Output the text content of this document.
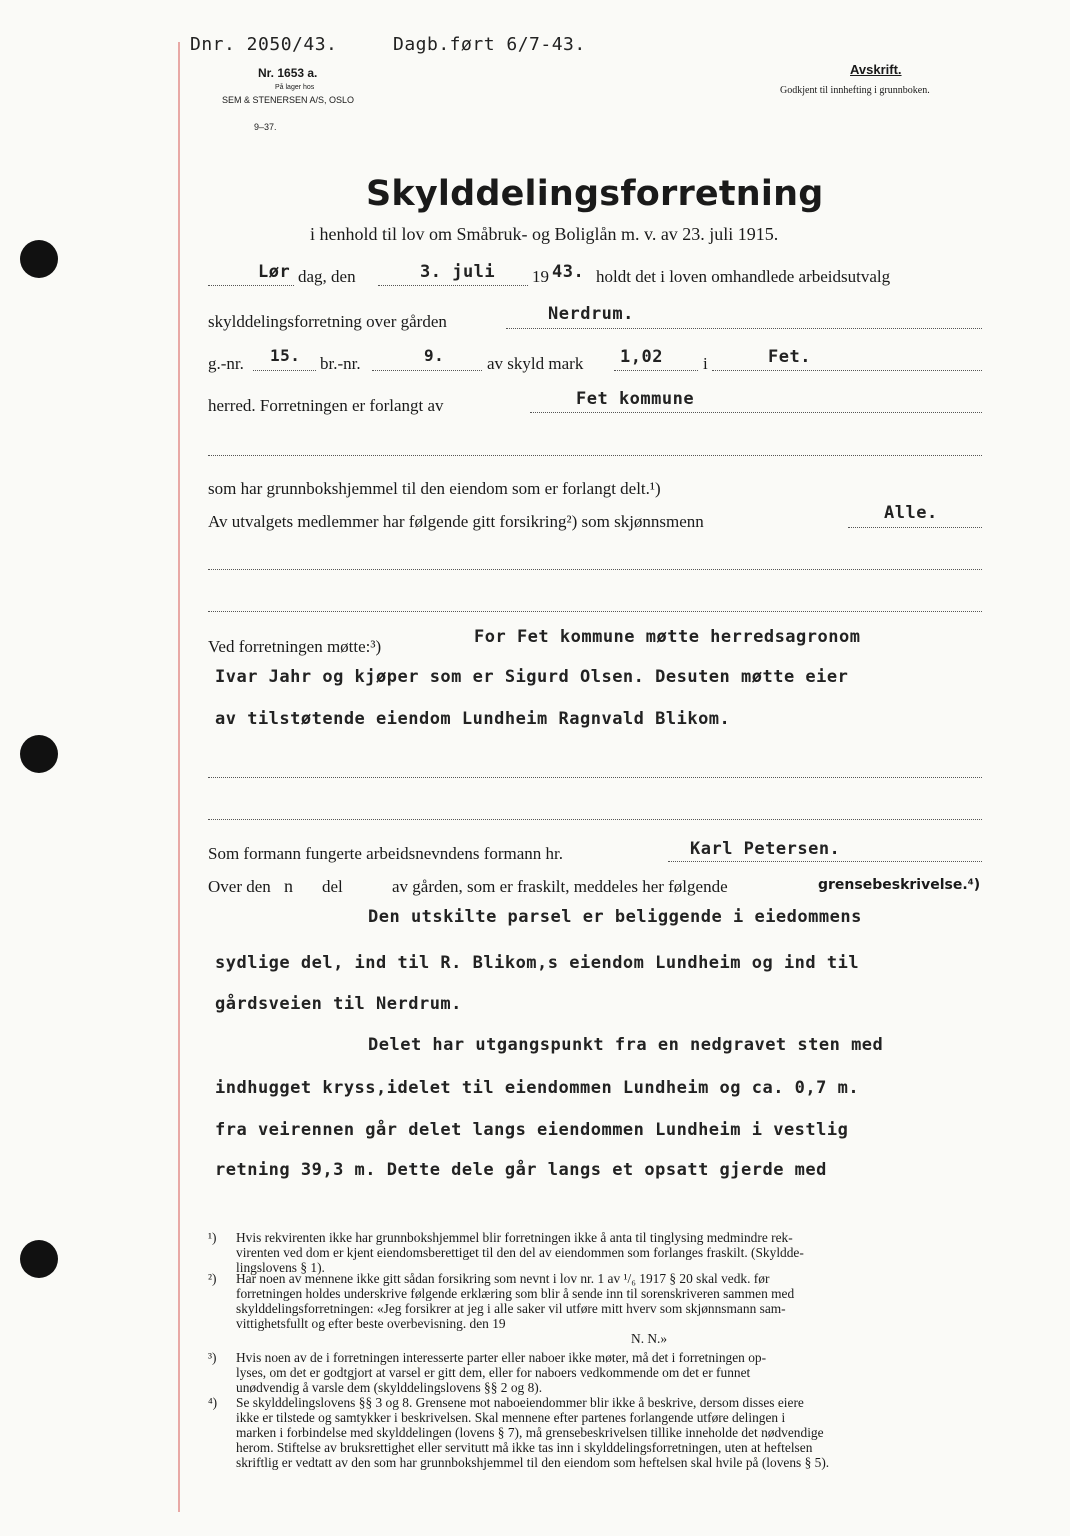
Dnr. 2050/43.	Dagb.ført 6/7-43.
Nr. 1653 a.
På lager hos
SEM & STENERSEN A/S, OSLO
9–37.
Avskrift.
Godkjent til innhefting i grunnboken.
Skylddelingsforretning
i henhold til lov om Småbruk- og Boliglån m. v. av 23. juli 1915.
Lør dag, den	3. juli 19 43. holdt det i loven omhandlede arbeidsutvalg
skylddelingsforretning over gården	Nerdrum.
g.-nr. 15. br.-nr.	9.	av skyld mark 1,02 i	Fet.
herred. Forretningen er forlangt av	Fet kommune
som har grunnbokshjemmel til den eiendom som er forlangt delt.¹)
Av utvalgets medlemmer har følgende gitt forsikring²) som skjønnsmenn	Alle.
Ved forretningen møtte:³)	For Fet kommune møtte herredsagronom
Ivar Jahr og kjøper som er Sigurd Olsen. Desuten møtte eier
av tilstøtende eiendom Lundheim Ragnvald Blikom.
Som formann fungerte arbeidsnevndens formann hr.	Karl Petersen.
Over den n del	av gården, som er fraskilt, meddeles her følgende	grensebeskrivelse.⁴)
Den utskilte parsel er beliggende i eiedommens
sydlige del, ind til R. Blikom,s eiendom Lundheim og ind til
gårdsveien til Nerdrum.
Delet har utgangspunkt fra en nedgravet sten med
indhugget kryss,idelet til eiendommen Lundheim og ca. 0,7 m.
fra veirennen går delet langs eiendommen Lundheim i vestlig
retning 39,3 m. Dette dele går langs et opsatt gjerde med
¹) Hvis rekvirenten ikke har grunnbokshjemmel blir forretningen ikke å anta til tinglysing medmindre rek-
virenten ved dom er kjent eiendomsberettiget til den del av eiendommen som forlanges fraskilt. (Skyldde-
lingslovens § 1).
²) Har noen av mennene ikke gitt sådan forsikring som nevnt i lov nr. 1 av ¹/₆ 1917 § 20 skal vedk. før
forretningen holdes underskrive følgende erklæring som blir å sende inn til sorenskriveren sammen med
skylddelingsforretningen: «Jeg forsikrer at jeg i alle saker vil utføre mitt hverv som skjønnsmann sam-
vittighetsfullt og efter beste overbevisning. den 19
N. N.»
³) Hvis noen av de i forretningen interesserte parter eller naboer ikke møter, må det i forretningen op-
lyses, om det er godtgjort at varsel er gitt dem, eller for naboers vedkommende om det er funnet
unødvendig å varsle dem (skylddelingslovens §§ 2 og 8).
⁴) Se skylddelingslovens §§ 3 og 8. Grensene mot naboeiendommer blir ikke å beskrive, dersom disses eiere
ikke er tilstede og samtykker i beskrivelsen. Skal mennene efter partenes forlangende utføre delingen i
marken i forbindelse med skylddelingen (lovens § 7), må grensebeskrivelsen tillike inneholde det nødvendige
herom. Stiftelse av bruksrettighet eller servitutt må ikke tas inn i skylddelingsforretningen, uten at heftelsen
skriftlig er vedtatt av den som har grunnbokshjemmel til den eiendom som heftelsen skal hvile på (lovens § 5).
